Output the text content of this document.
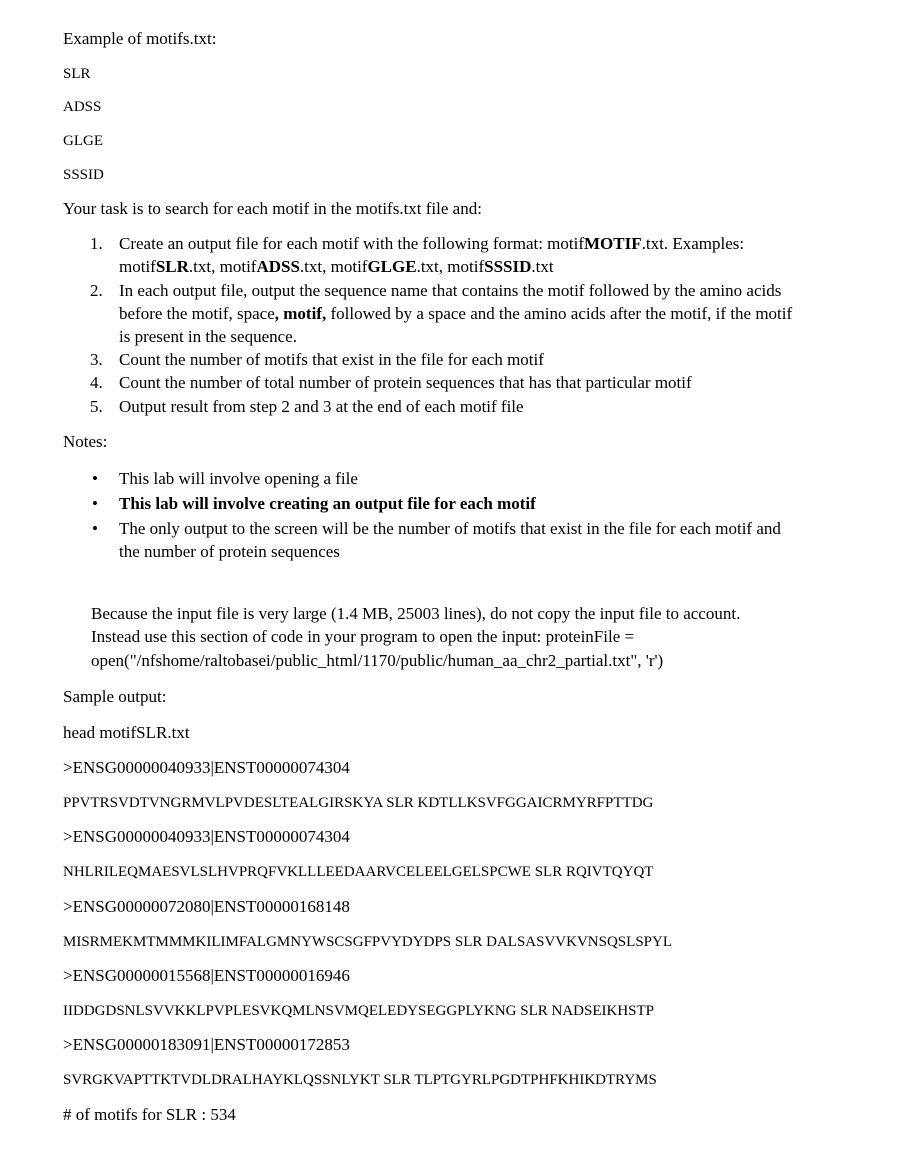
Example of motifs.txt:
SLR
ADSS
GLGE
SSSID
Your task is to search for each motif in the motifs.txt file and:
1. Create an output file for each motif with the following format: motifMOTIF.txt. Examples:
motifSLR.txt, motifADSS.txt, motifGLGE.txt, motifSSSID.txt
2. In each output file, output the sequence name that contains the motif followed by the amino acids
before the motif, space, motif, followed by a space and the amino acids after the motif, if the motif
is present in the sequence.
3. Count the number of motifs that exist in the file for each motif
4. Count the number of total number of protein sequences that has that particular motif
5. Output result from step 2 and 3 at the end of each motif file
Notes:
• This lab will involve opening a file
• This lab will involve creating an output file for each motif
• The only output to the screen will be the number of motifs that exist in the file for each motif and
the number of protein sequences
Because the input file is very large (1.4 MB, 25003 lines), do not copy the input file to account.
Instead use this section of code in your program to open the input: proteinFile =
open("/nfshome/raltobasei/public_html/1170/public/human_aa_chr2_partial.txt", 'r')
Sample output:
head motifSLR.txt
>ENSG00000040933|ENST00000074304
PPVTRSVDTVNGRMVLPVDESLTEALGIRSKYA SLR KDTLLKSVFGGAICRMYRFPTTDG
>ENSG00000040933|ENST00000074304
NHLRILEQMAESVLSLHVPRQFVKLLLEEDAARVCELEELGELSPCWE SLR RQIVTQYQT
>ENSG00000072080|ENST00000168148
MISRMEKMTMMMKILIMFALGMNYWSCSGFPVYDYDPS SLR DALSASVVKVNSQSLSPYL
>ENSG00000015568|ENST00000016946
IIDDGDSNLSVVKKLPVPLESVKQMLNSVMQELEDYSEGGPLYKNG SLR NADSEIKHSTP
>ENSG00000183091|ENST00000172853
SVRGKVAPTTKTVDLDRALHAYKLQSSNLYKT SLR TLPTGYRLPGDTPHFKHIKDTRYMS
# of motifs for SLR : 534
